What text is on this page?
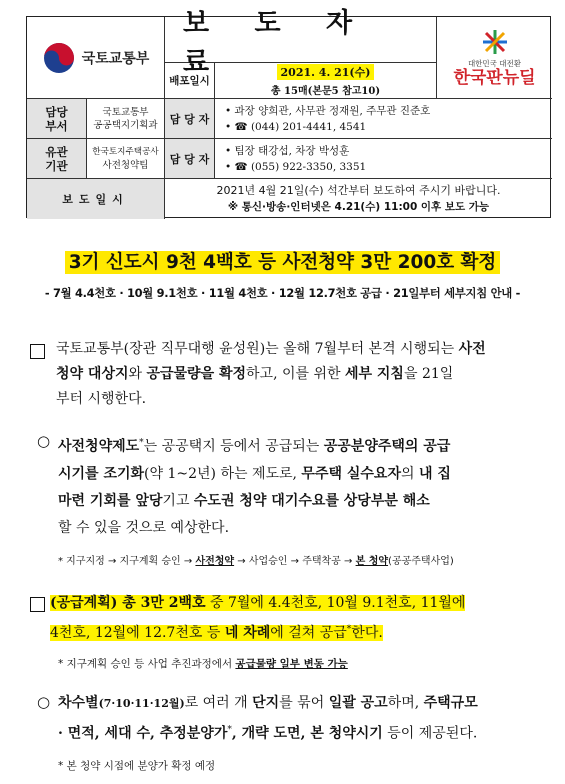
국토교통부
보 도 자 료
배포일시
2021. 4. 21(수)
총 15매(본문5 참고10)
대한민국 대전환
한국판뉴딜
담당
부서
국토교통부
공공택지기획과	담 당 자
• 과장 양희관, 사무관 정재원, 주무관 진준호
• ☎ (044) 201-4441, 4541
유관
기관
한국토지주택공사
사전청약팀	담 당 자
• 팀장 태강섭, 차장 박성훈
• ☎ (055) 922-3350, 3351
보도일시
2021년 4월 21일(수) 석간부터 보도하여 주시기 바랍니다.
※ 통신·방송·인터넷은 4.21(수) 11:00 이후 보도 가능
3기 신도시 9천 4백호 등 사전청약 3만 200호 확정
- 7월 4.4천호 · 10월 9.1천호 · 11월 4천호 · 12월 12.7천호 공급 · 21일부터 세부지침 안내 -
국토교통부(장관 직무대행 윤성원)는 올해 7월부터 본격 시행되는 사전
청약 대상지와 공급물량을 확정하고, 이를 위한 세부 지침을 21일
부터 시행한다.
○ 사전청약제도*는 공공택지 등에서 공급되는 공공분양주택의 공급
시기를 조기화(약 1~2년) 하는 제도로, 무주택 실수요자의 내 집
마련 기회를 앞당기고 수도권 청약 대기수요를 상당부분 해소
할 수 있을 것으로 예상한다.
* 지구지정 → 지구계획 승인 → 사전청약 → 사업승인 → 주택착공 → 본 청약(공공주택사업)
(공급계획) 총 3만 2백호 중 7월에 4.4천호, 10월 9.1천호, 11월에
4천호, 12월에 12.7천호 등 네 차례에 걸쳐 공급*한다.
* 지구계획 승인 등 사업 추진과정에서 공급물량 일부 변동 가능
○ 차수별(7·10·11·12월)로 여러 개 단지를 묶어 일괄 공고하며, 주택규모
· 면적, 세대 수, 추정분양가*, 개략 도면, 본 청약시기 등이 제공된다.
* 본 청약 시점에 분양가 확정 예정
